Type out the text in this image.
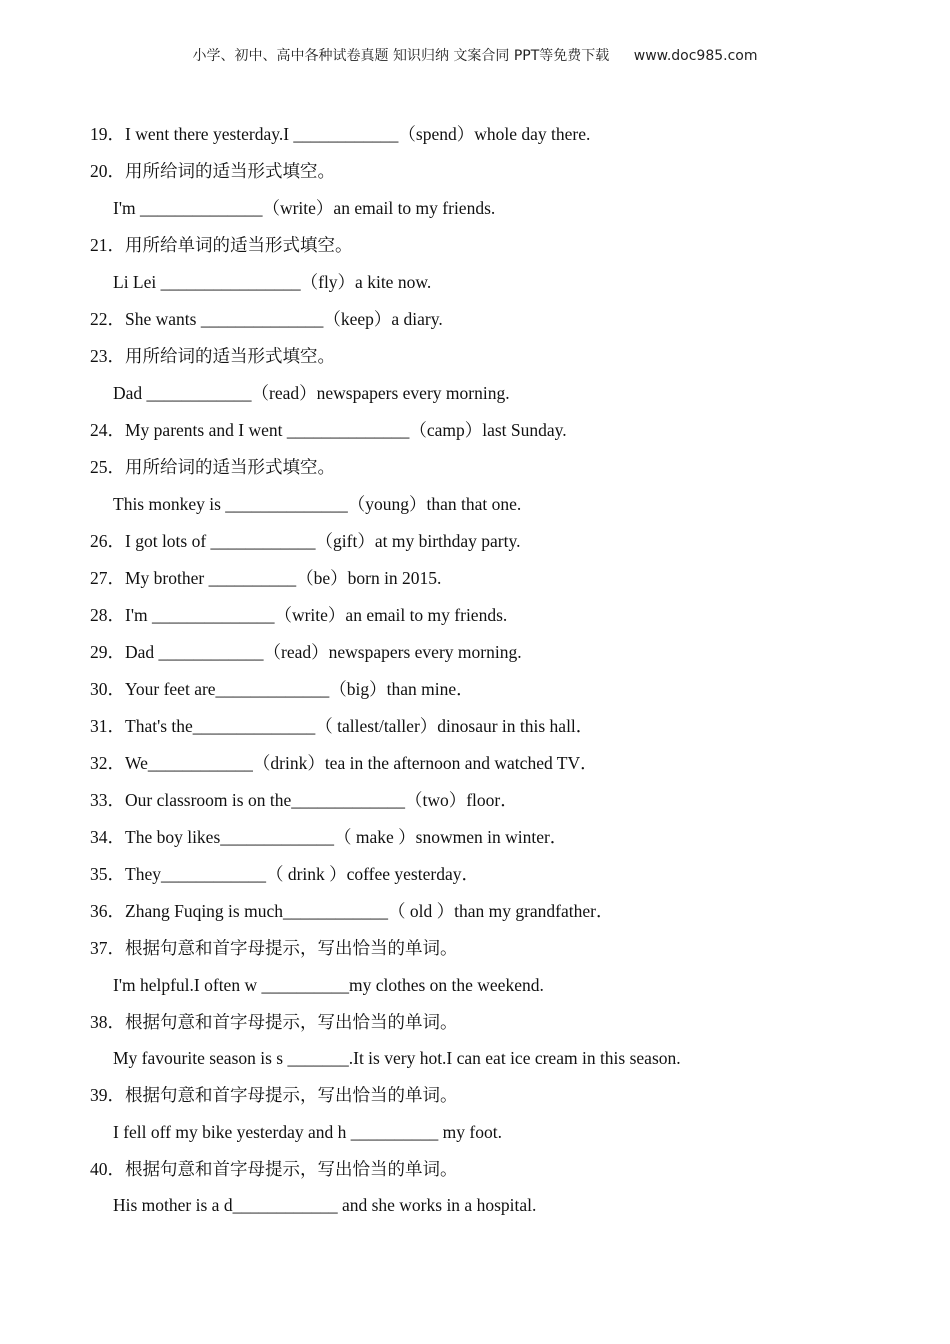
小学、初中、高中各种试卷真题 知识归纳 文案合同 PPT等免费下载 www.doc985.com
19．I went there yesterday.I ____________（spend）whole day there.
20．用所给词的适当形式填空。
I'm ______________（write）an email to my friends.
21．用所给单词的适当形式填空。
Li Lei ________________（fly）a kite now.
22．She wants ______________（keep）a diary.
23．用所给词的适当形式填空。
Dad ____________（read）newspapers every morning.
24．My parents and I went ______________（camp）last Sunday.
25．用所给词的适当形式填空。
This monkey is ______________（young）than that one.
26．I got lots of ____________（gift）at my birthday party.
27．My brother __________（be）born in 2015.
28．I'm ______________（write）an email to my friends.
29．Dad ____________（read）newspapers every morning.
30．Your feet are_____________（big）than mine．
31．That's the______________（ tallest/taller）dinosaur in this hall．
32．We____________（drink）tea in the afternoon and watched TV．
33．Our classroom is on the_____________（two）floor．
34．The boy likes_____________（ make ）snowmen in winter．
35．They____________（ drink ）coffee yesterday．
36．Zhang Fuqing is much____________（ old ）than my grandfather．
37．根据句意和首字母提示，写出恰当的单词。
I'm helpful.I often w __________my clothes on the weekend.
38．根据句意和首字母提示，写出恰当的单词。
My favourite season is s _______.It is very hot.I can eat ice cream in this season.
39．根据句意和首字母提示，写出恰当的单词。
I fell off my bike yesterday and h __________ my foot.
40．根据句意和首字母提示，写出恰当的单词。
His mother is a d____________ and she works in a hospital.
